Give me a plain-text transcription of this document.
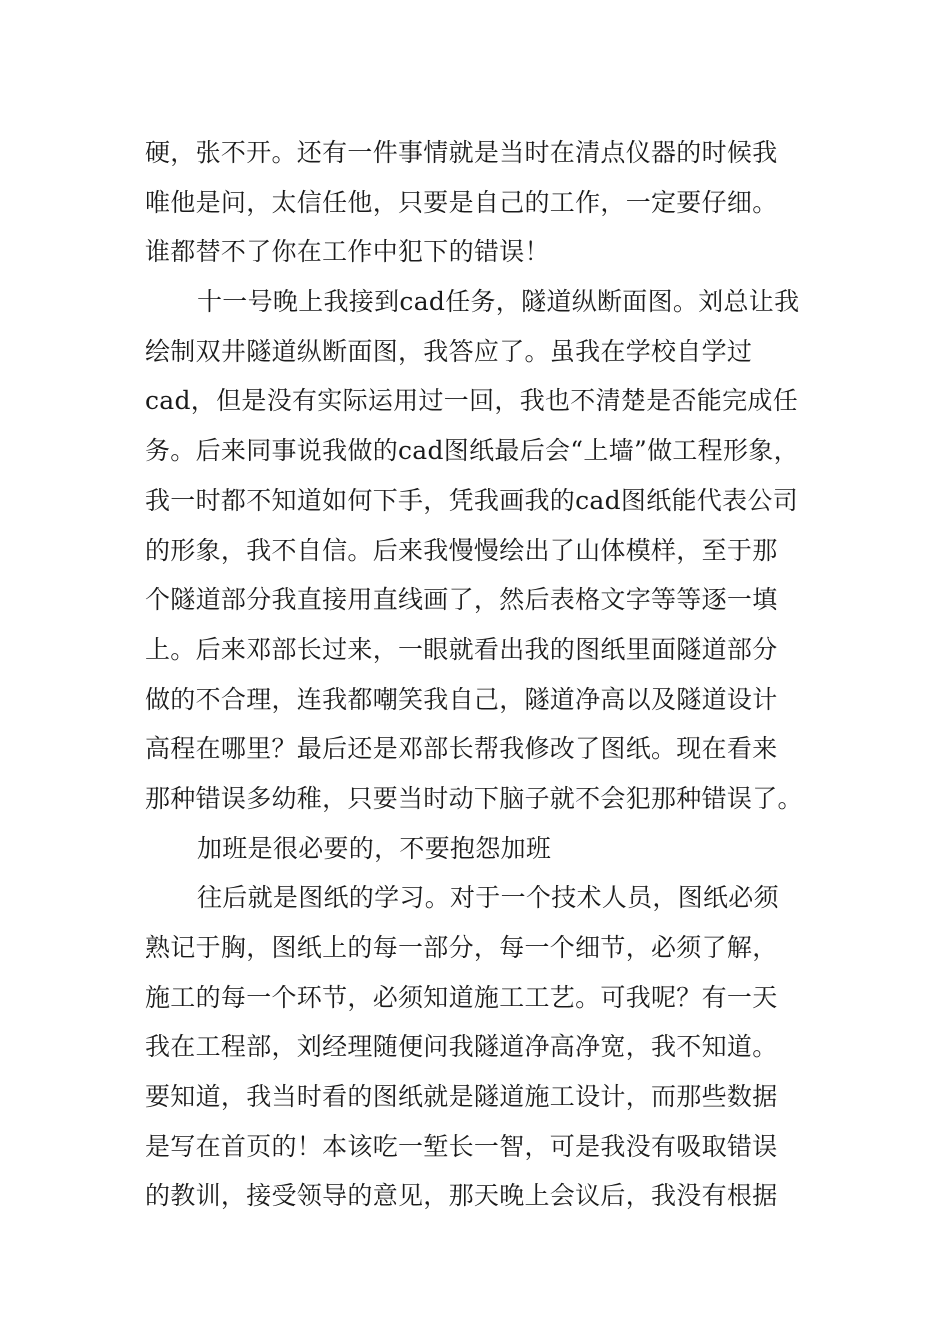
硬，张不开。还有一件事情就是当时在清点仪器的时候我
唯他是问，太信任他，只要是自己的工作，一定要仔细。
谁都替不了你在工作中犯下的错误！
十一号晚上我接到cad任务，隧道纵断面图。刘总让我
绘制双井隧道纵断面图，我答应了。虽我在学校自学过
cad，但是没有实际运用过一回，我也不清楚是否能完成任
务。后来同事说我做的cad图纸最后会“上墙”做工程形象，
我一时都不知道如何下手，凭我画我的cad图纸能代表公司
的形象，我不自信。后来我慢慢绘出了山体模样，至于那
个隧道部分我直接用直线画了，然后表格文字等等逐一填
上。后来邓部长过来，一眼就看出我的图纸里面隧道部分
做的不合理，连我都嘲笑我自己，隧道净高以及隧道设计
高程在哪里？最后还是邓部长帮我修改了图纸。现在看来
那种错误多幼稚，只要当时动下脑子就不会犯那种错误了。
加班是很必要的，不要抱怨加班
往后就是图纸的学习。对于一个技术人员，图纸必须
熟记于胸，图纸上的每一部分，每一个细节，必须了解，
施工的每一个环节，必须知道施工工艺。可我呢？有一天
我在工程部，刘经理随便问我隧道净高净宽，我不知道。
要知道，我当时看的图纸就是隧道施工设计，而那些数据
是写在首页的！本该吃一堑长一智，可是我没有吸取错误
的教训，接受领导的意见，那天晚上会议后，我没有根据
